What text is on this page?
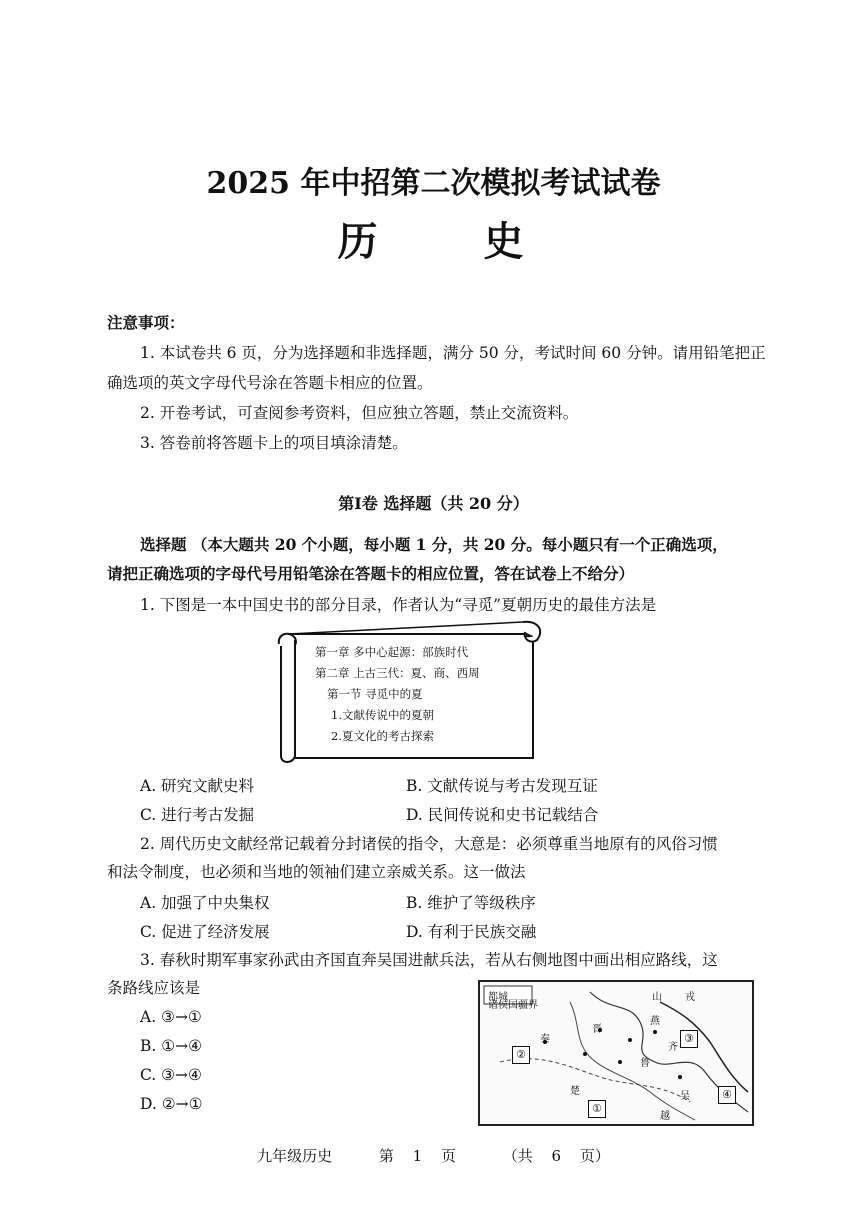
2025 年中招第二次模拟考试试卷
历 史
注意事项：
1. 本试卷共 6 页，分为选择题和非选择题，满分 50 分，考试时间 60 分钟。请用铅笔把正
确选项的英文字母代号涂在答题卡相应的位置。
2. 开卷考试，可查阅参考资料，但应独立答题，禁止交流资料。
3. 答卷前将答题卡上的项目填涂清楚。
第Ⅰ卷 选择题（共 20 分）
选择题 （本大题共 20 个小题，每小题 1 分，共 20 分。每小题只有一个正确选项，
请把正确选项的字母代号用铅笔涂在答题卡的相应位置，答在试卷上不给分）
1. 下图是一本中国史书的部分目录，作者认为“寻觅”夏朝历史的最佳方法是
第一章 多中心起源：部族时代
第二章 上古三代：夏、商、西周
第一节 寻觅中的夏
1.文献传说中的夏朝
2.夏文化的考古探索
A. 研究文献史料	B. 文献传说与考古发现互证
C. 进行考古发掘	D. 民间传说和史书记载结合
2. 周代历史文献经常记载着分封诸侯的指令，大意是：必须尊重当地原有的风俗习惯
和法令制度，也必须和当地的领袖们建立亲威关系。这一做法
A. 加强了中央集权	B. 维护了等级秩序
C. 促进了经济发展	D. 有利于民族交融
3. 春秋时期军事家孙武由齐国直奔吴国进献兵法，若从右侧地图中画出相应路线，这
条路线应该是
A. ③→①
B. ①→④
C. ③→④
D. ②→①
都城
诸侯国疆界
山 戎
燕
晋
齐
鲁
秦
楚	吴
越
①
②
③
④
九年级历史	第 1 页	（共 6 页）
